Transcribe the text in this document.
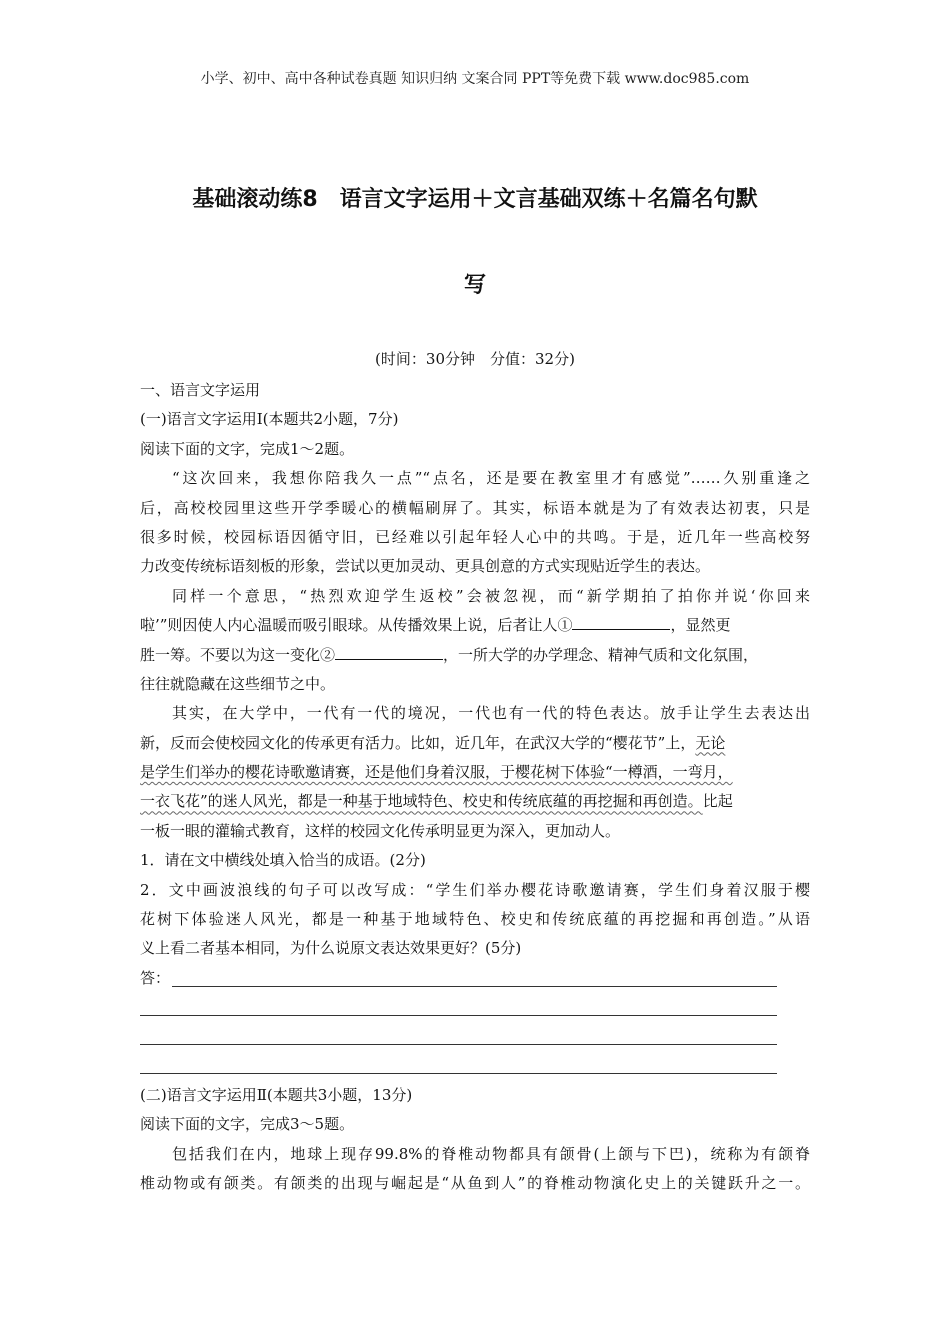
小学、初中、高中各种试卷真题 知识归纳 文案合同 PPT等免费下载 www.doc985.com
基础滚动练8　语言文字运用＋文言基础双练＋名篇名句默
写
(时间：30分钟　分值：32分)
一、语言文字运用
(一)语言文字运用Ⅰ(本题共2小题，7分)
阅读下面的文字，完成1～2题。
“这次回来，我想你陪我久一点”“点名，还是要在教室里才有感觉”……久别重逢之
后，高校校园里这些开学季暖心的横幅刷屏了。其实，标语本就是为了有效表达初衷，只是
很多时候，校园标语因循守旧，已经难以引起年轻人心中的共鸣。于是，近几年一些高校努
力改变传统标语刻板的形象，尝试以更加灵动、更具创意的方式实现贴近学生的表达。
同样一个意思，“热烈欢迎学生返校”会被忽视，而“新学期拍了拍你并说‘你回来
啦’”则因使人内心温暖而吸引眼球。从传播效果上说，后者让人①	，显然更
胜一筹。不要以为这一变化②	，一所大学的办学理念、精神气质和文化氛围，
往往就隐藏在这些细节之中。
其实，在大学中，一代有一代的境况，一代也有一代的特色表达。放手让学生去表达出
新，反而会使校园文化的传承更有活力。比如，近几年，在武汉大学的“樱花节”上，无论
是学生们举办的樱花诗歌邀请赛，还是他们身着汉服，于樱花树下体验“一樽酒，一弯月，
一衣飞花”的迷人风光，都是一种基于地域特色、校史和传统底蕴的再挖掘和再创造。比起
一板一眼的灌输式教育，这样的校园文化传承明显更为深入，更加动人。
1．请在文中横线处填入恰当的成语。(2分)
2．文中画波浪线的句子可以改写成：“学生们举办樱花诗歌邀请赛，学生们身着汉服于樱
花树下体验迷人风光，都是一种基于地域特色、校史和传统底蕴的再挖掘和再创造。”从语
义上看二者基本相同，为什么说原文表达效果更好？(5分)
答：
(二)语言文字运用Ⅱ(本题共3小题，13分)
阅读下面的文字，完成3～5题。
包括我们在内，地球上现存99.8%的脊椎动物都具有颌骨(上颌与下巴)，统称为有颌脊
椎动物或有颌类。有颌类的出现与崛起是“从鱼到人”的脊椎动物演化史上的关键跃升之一。
